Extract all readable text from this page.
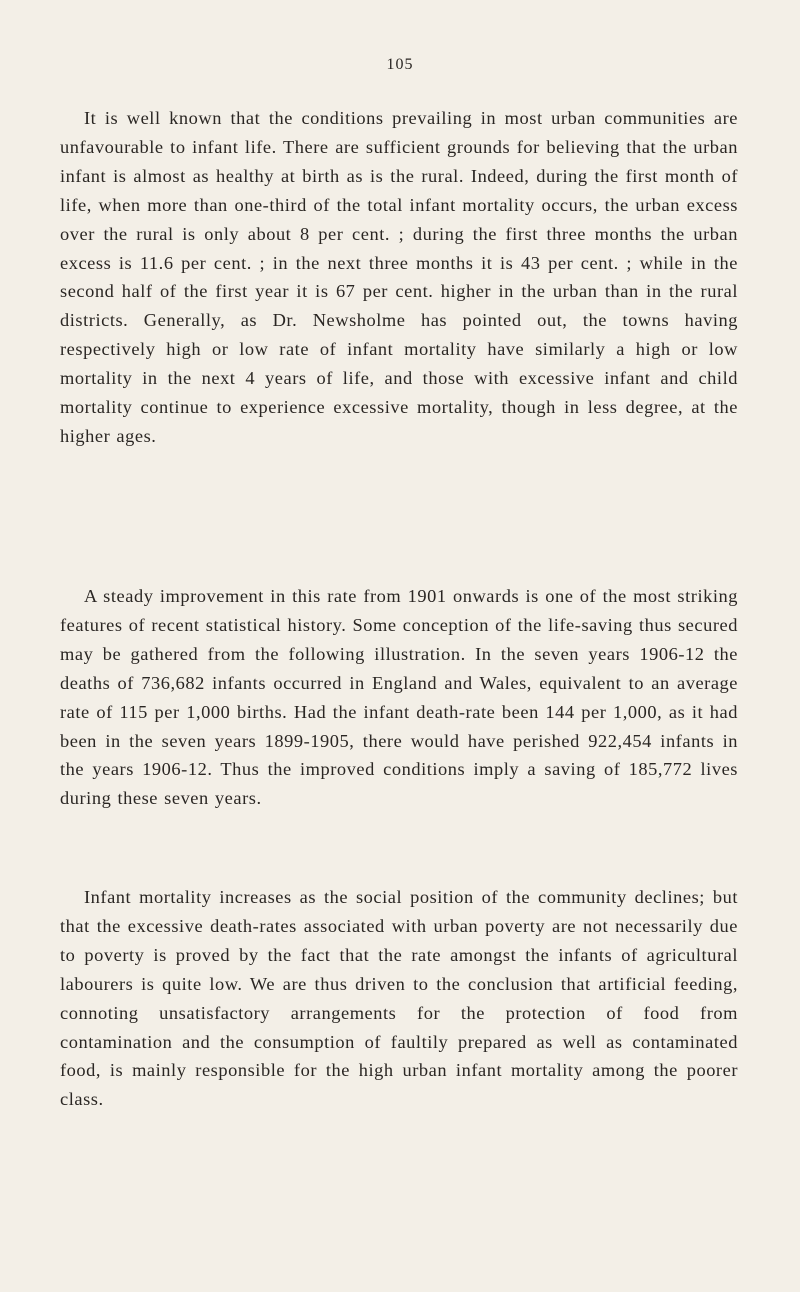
105

It is well known that the conditions prevailing in most urban communities are unfavourable to infant life. There are sufficient grounds for believing that the urban infant is almost as healthy at birth as is the rural. Indeed, during the first month of life, when more than one-third of the total infant mortality occurs, the urban excess over the rural is only about 8 per cent. ; during the first three months the urban excess is 11.6 per cent. ; in the next three months it is 43 per cent. ; while in the second half of the first year it is 67 per cent. higher in the urban than in the rural districts. Generally, as Dr. Newsholme has pointed out, the towns having respectively high or low rate of infant mortality have similarly a high or low mortality in the next 4 years of life, and those with excessive infant and child mortality continue to experience excessive mortality, though in less degree, at the higher ages.

A steady improvement in this rate from 1901 onwards is one of the most striking features of recent statistical history. Some conception of the life-saving thus secured may be gathered from the following illustration. In the seven years 1906-12 the deaths of 736,682 infants occurred in England and Wales, equivalent to an average rate of 115 per 1,000 births. Had the infant death-rate been 144 per 1,000, as it had been in the seven years 1899-1905, there would have perished 922,454 infants in the years 1906-12. Thus the improved conditions imply a saving of 185,772 lives during these seven years.

Infant mortality increases as the social position of the community declines; but that the excessive death-rates associated with urban poverty are not necessarily due to poverty is proved by the fact that the rate amongst the infants of agricultural labourers is quite low. We are thus driven to the conclusion that artificial feeding, connoting unsatisfactory arrangements for the protection of food from contamination and the consumption of faultily prepared as well as contaminated food, is mainly responsible for the high urban infant mortality among the poorer class.
